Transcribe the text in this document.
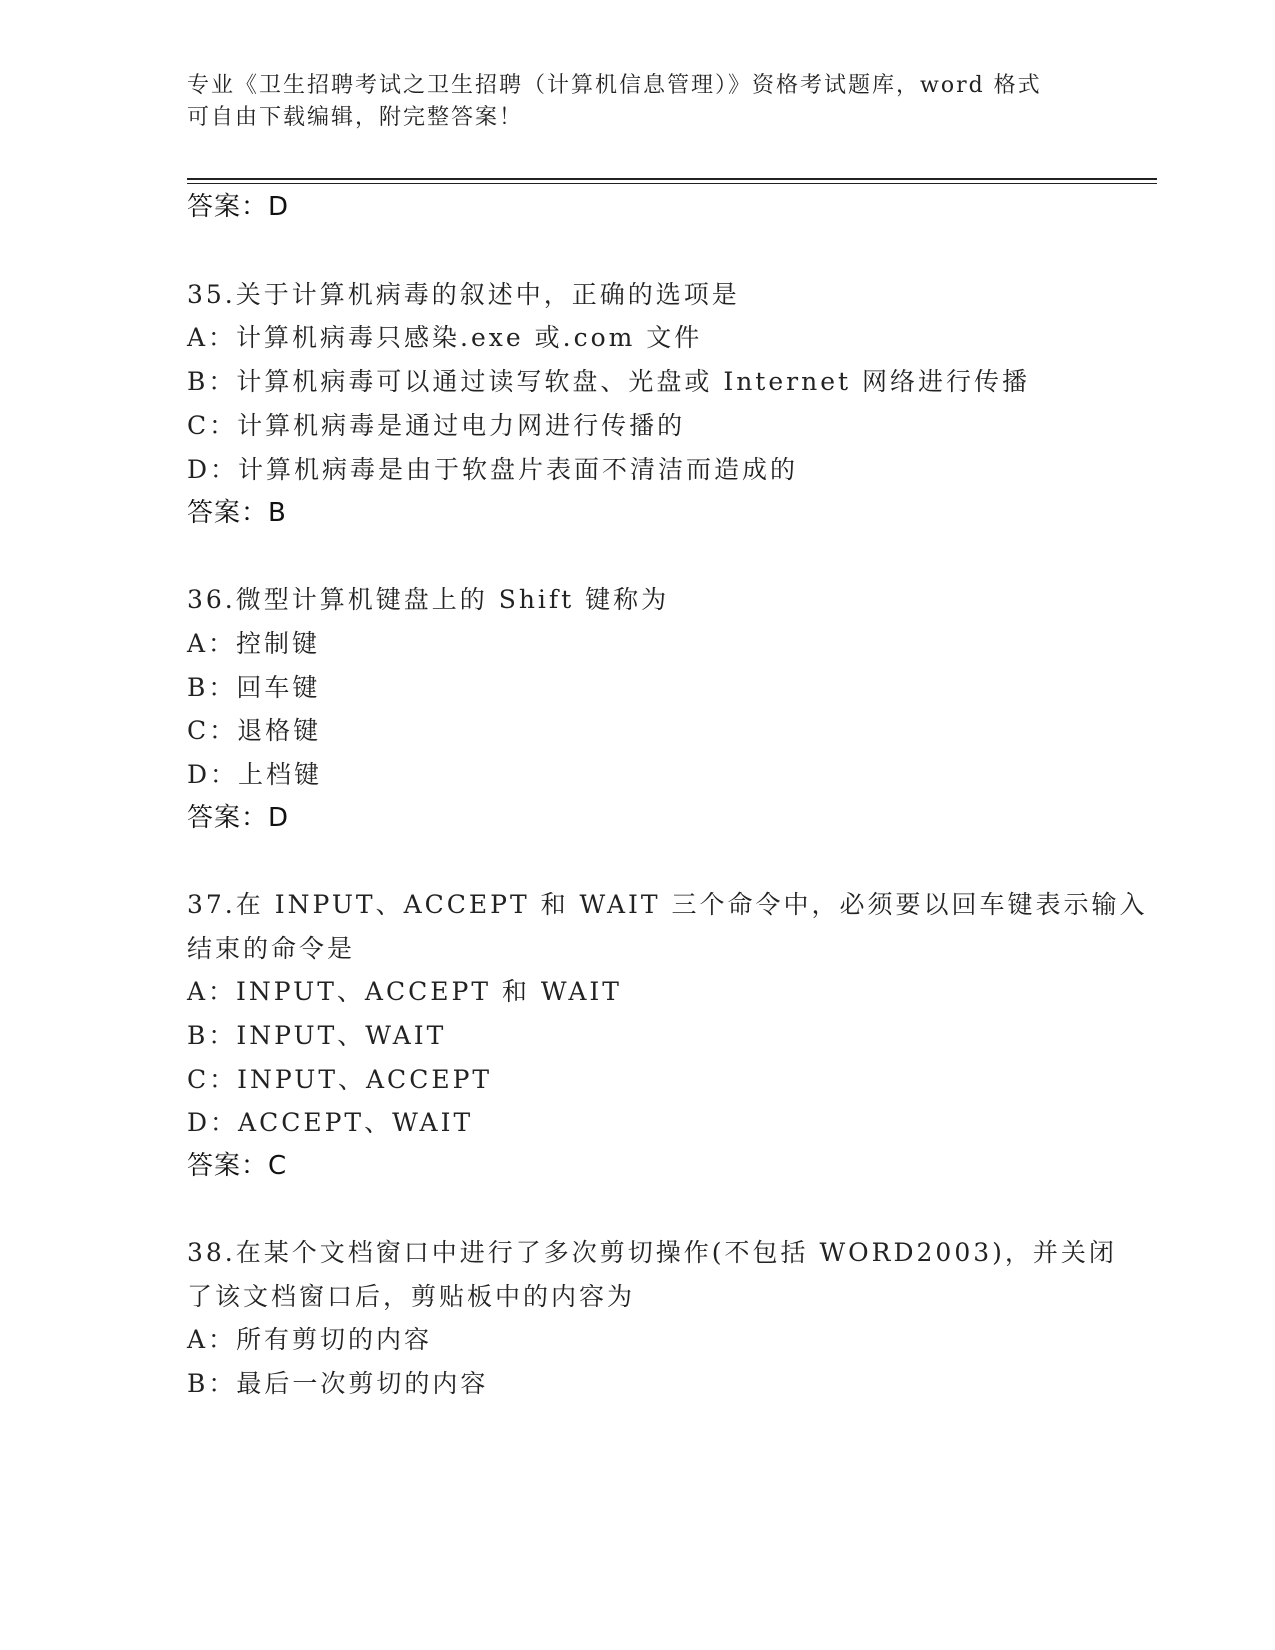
专业《卫生招聘考试之卫生招聘（计算机信息管理）》资格考试题库，word 格式
可自由下载编辑，附完整答案！
答案：D
35.关于计算机病毒的叙述中，正确的选项是
A：计算机病毒只感染.exe 或.com 文件
B：计算机病毒可以通过读写软盘、光盘或 Internet 网络进行传播
C：计算机病毒是通过电力网进行传播的
D：计算机病毒是由于软盘片表面不清洁而造成的
答案：B
36.微型计算机键盘上的 Shift 键称为
A：控制键
B：回车键
C：退格键
D：上档键
答案：D
37.在 INPUT、ACCEPT 和 WAIT 三个命令中，必须要以回车键表示输入
结束的命令是
A：INPUT、ACCEPT 和 WAIT
B：INPUT、WAIT
C：INPUT、ACCEPT
D：ACCEPT、WAIT
答案：C
38.在某个文档窗口中进行了多次剪切操作(不包括 WORD2003)，并关闭
了该文档窗口后，剪贴板中的内容为
A：所有剪切的内容
B：最后一次剪切的内容
